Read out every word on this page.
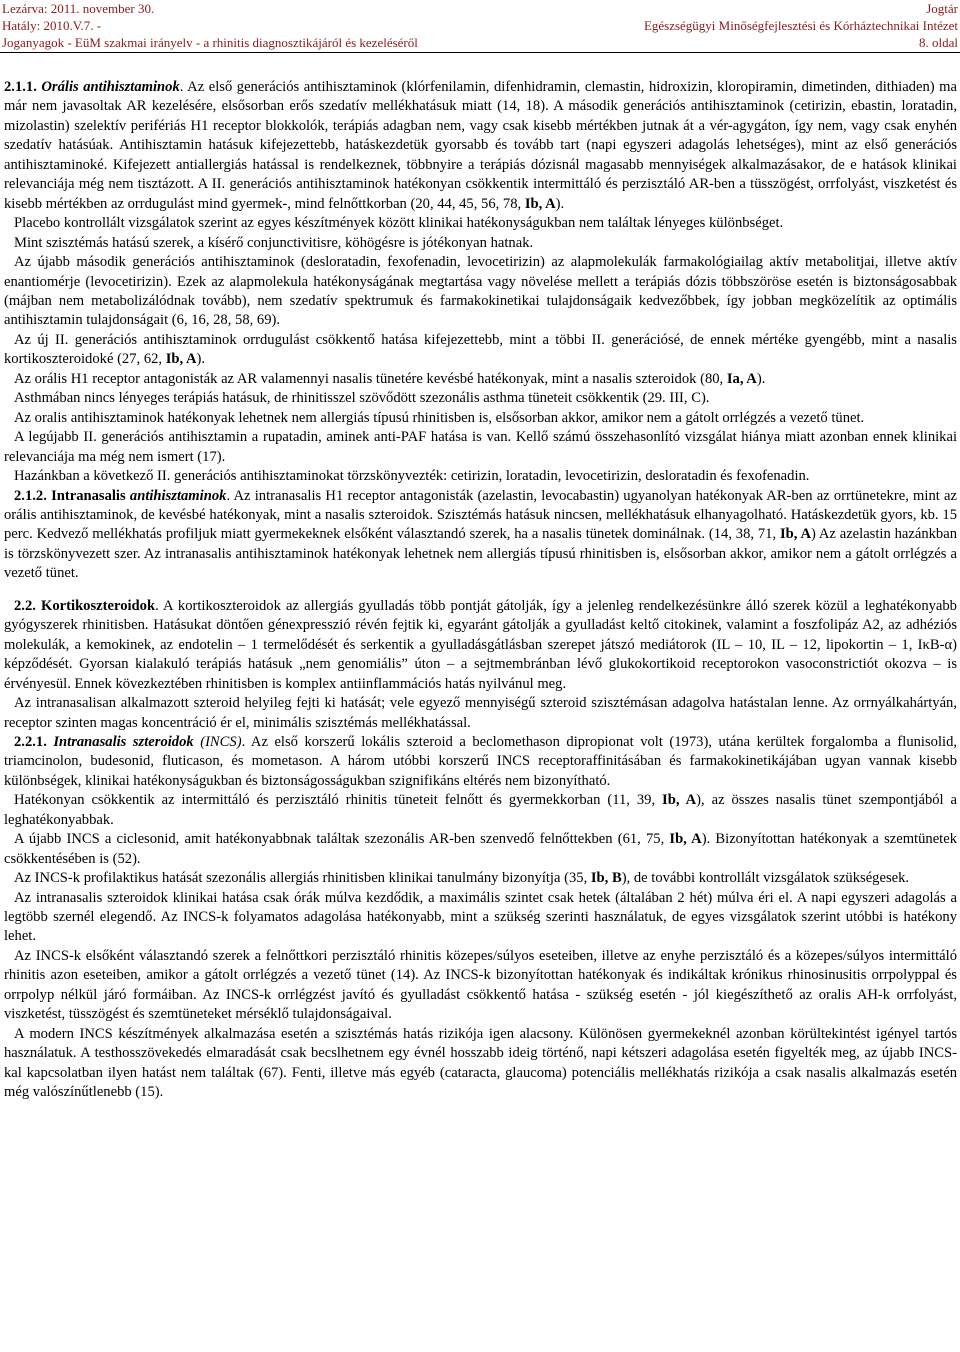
Lezárva: 2011. november 30.	Jogtár
Hatály: 2010.V.7. -	Egészségügyi Minőségfejlesztési és Kórháztechnikai Intézet
Joganyagok - EüM szakmai irányelv - a rhinitis diagnosztikájáról és kezeléséről	8. oldal

2.1.1. Orális antihisztaminok. Az első generációs antihisztaminok (klórfenilamin, difenhidramin, clemastin, hidroxizin, kloropiramin, dimetinden, dithiaden) ma már nem javasoltak AR kezelésére, elsősorban erős szedatív mellékhatásuk miatt (14, 18). A második generációs antihisztaminok (cetirizin, ebastin, loratadin, mizolastin) szelektív perifériás H1 receptor blokkolók, terápiás adagban nem, vagy csak kisebb mértékben jutnak át a vér-agygáton, így nem, vagy csak enyhén szedatív hatásúak. Antihisztamin hatásuk kifejezettebb, hatáskezdetük gyorsabb és tovább tart (napi egyszeri adagolás lehetséges), mint az első generációs antihisztaminoké. Kifejezett antiallergiás hatással is rendelkeznek, többnyire a terápiás dózisnál magasabb mennyiségek alkalmazásakor, de e hatások klinikai relevanciája még nem tisztázott. A II. generációs antihisztaminok hatékonyan csökkentik intermittáló és perzisztáló AR-ben a tüsszögést, orrfolyást, viszketést és kisebb mértékben az orrdugulást mind gyermek-, mind felnőttkorban (20, 44, 45, 56, 78, Ib, A).

Placebo kontrollált vizsgálatok szerint az egyes készítmények között klinikai hatékonyságukban nem találtak lényeges különbséget.

Mint szisztémás hatású szerek, a kísérő conjunctivitisre, köhögésre is jótékonyan hatnak.

Az újabb második generációs antihisztaminok (desloratadin, fexofenadin, levocetirizin) az alapmolekulák farmakológiailag aktív metabolitjai, illetve aktív enantiomérje (levocetirizin). Ezek az alapmolekula hatékonyságának megtartása vagy növelése mellett a terápiás dózis többszöröse esetén is biztonságosabbak (májban nem metabolizálódnak tovább), nem szedatív spektrumuk és farmakokinetikai tulajdonságaik kedvezőbbek, így jobban megközelítik az optimális antihisztamin tulajdonságait (6, 16, 28, 58, 69).

Az új II. generációs antihisztaminok orrdugulást csökkentő hatása kifejezettebb, mint a többi II. generációsé, de ennek mértéke gyengébb, mint a nasalis kortikoszteroidoké (27, 62, Ib, A).

Az orális H1 receptor antagonisták az AR valamennyi nasalis tünetére kevésbé hatékonyak, mint a nasalis szteroidok (80, Ia, A).

Asthmában nincs lényeges terápiás hatásuk, de rhinitisszel szövődött szezonális asthma tüneteit csökkentik (29. III, C).

Az oralis antihisztaminok hatékonyak lehetnek nem allergiás típusú rhinitisben is, elsősorban akkor, amikor nem a gátolt orrlégzés a vezető tünet.

A legújabb II. generációs antihisztamin a rupatadin, aminek anti-PAF hatása is van. Kellő számú összehasonlító vizsgálat hiánya miatt azonban ennek klinikai relevanciája ma még nem ismert (17).

Hazánkban a következő II. generációs antihisztaminokat törzskönyvezték: cetirizin, loratadin, levocetirizin, desloratadin és fexofenadin.

2.1.2. Intranasalis antihisztaminok. Az intranasalis H1 receptor antagonisták (azelastin, levocabastin) ugyanolyan hatékonyak AR-ben az orrtünetekre, mint az orális antihisztaminok, de kevésbé hatékonyak, mint a nasalis szteroidok. Szisztémás hatásuk nincsen, mellékhatásuk elhanyagolható. Hatáskezdetük gyors, kb. 15 perc. Kedvező mellékhatás profiljuk miatt gyermekeknek elsőként választandó szerek, ha a nasalis tünetek dominálnak. (14, 38, 71, Ib, A) Az azelastin hazánkban is törzskönyvezett szer. Az intranasalis antihisztaminok hatékonyak lehetnek nem allergiás típusú rhinitisben is, elsősorban akkor, amikor nem a gátolt orrlégzés a vezető tünet.

2.2. Kortikoszteroidok. A kortikoszteroidok az allergiás gyulladás több pontját gátolják, így a jelenleg rendelkezésünkre álló szerek közül a leghatékonyabb gyógyszerek rhinitisben. Hatásukat döntően génexpresszió révén fejtik ki, egyaránt gátolják a gyulladást keltő citokinek, valamint a foszfolipáz A2, az adhéziós molekulák, a kemokinek, az endotelin – 1 termelődését és serkentik a gyulladásgátlásban szerepet játszó mediátorok (IL – 10, IL – 12, lipokortin – 1, IκB-α) képződését. Gyorsan kialakuló terápiás hatásuk „nem genomiális” úton – a sejtmembránban lévő glukokortikoid receptorokon vasoconstrictiót okozva – is érvényesül. Ennek kövezkeztében rhinitisben is komplex antiinflammációs hatás nyilvánul meg.

Az intranasalisan alkalmazott szteroid helyileg fejti ki hatását; vele egyező mennyiségű szteroid szisztémásan adagolva hatástalan lenne. Az orrnyálkahártyán, receptor szinten magas koncentráció ér el, minimális szisztémás mellékhatással.

2.2.1. Intranasalis szteroidok (INCS). Az első korszerű lokális szteroid a beclomethason dipropionat volt (1973), utána kerültek forgalomba a flunisolid, triamcinolon, budesonid, fluticason, és mometason. A három utóbbi korszerű INCS receptoraffinitásában és farmakokinetikájában ugyan vannak kisebb különbségek, klinikai hatékonyságukban és biztonságosságukban szignifikáns eltérés nem bizonyítható.

Hatékonyan csökkentik az intermittáló és perzisztáló rhinitis tüneteit felnőtt és gyermekkorban (11, 39, Ib, A), az összes nasalis tünet szempontjából a leghatékonyabbak.

A újabb INCS a ciclesonid, amit hatékonyabbnak találtak szezonális AR-ben szenvedő felnőttekben (61, 75, Ib, A). Bizonyítottan hatékonyak a szemtünetek csökkentésében is (52).

Az INCS-k profilaktikus hatását szezonális allergiás rhinitisben klinikai tanulmány bizonyítja (35, Ib, B), de további kontrollált vizsgálatok szükségesek.

Az intranasalis szteroidok klinikai hatása csak órák múlva kezdődik, a maximális szintet csak hetek (általában 2 hét) múlva éri el. A napi egyszeri adagolás a legtöbb szernél elegendő. Az INCS-k folyamatos adagolása hatékonyabb, mint a szükség szerinti használatuk, de egyes vizsgálatok szerint utóbbi is hatékony lehet.

Az INCS-k elsőként választandó szerek a felnőttkori perzisztáló rhinitis közepes/súlyos eseteiben, illetve az enyhe perzisztáló és a közepes/súlyos intermittáló rhinitis azon eseteiben, amikor a gátolt orrlégzés a vezető tünet (14). Az INCS-k bizonyítottan hatékonyak és indikáltak krónikus rhinosinusitis orrpolyppal és orrpolyp nélkül járó formáiban. Az INCS-k orrlégzést javító és gyulladást csökkentő hatása - szükség esetén - jól kiegészíthető az oralis AH-k orrfolyást, viszketést, tüsszögést és szemtüneteket mérséklő tulajdonságaival.

A modern INCS készítmények alkalmazása esetén a szisztémás hatás rizikója igen alacsony. Különösen gyermekeknél azonban körültekintést igényel tartós használatuk. A testhosszövekedés elmaradását csak becslhetnem egy évnél hosszabb ideig történő, napi kétszeri adagolása esetén figyelték meg, az újabb INCS-kal kapcsolatban ilyen hatást nem találtak (67). Fenti, illetve más egyéb (cataracta, glaucoma) potenciális mellékhatás rizikója a csak nasalis alkalmazás esetén még valószínűtlenebb (15).
